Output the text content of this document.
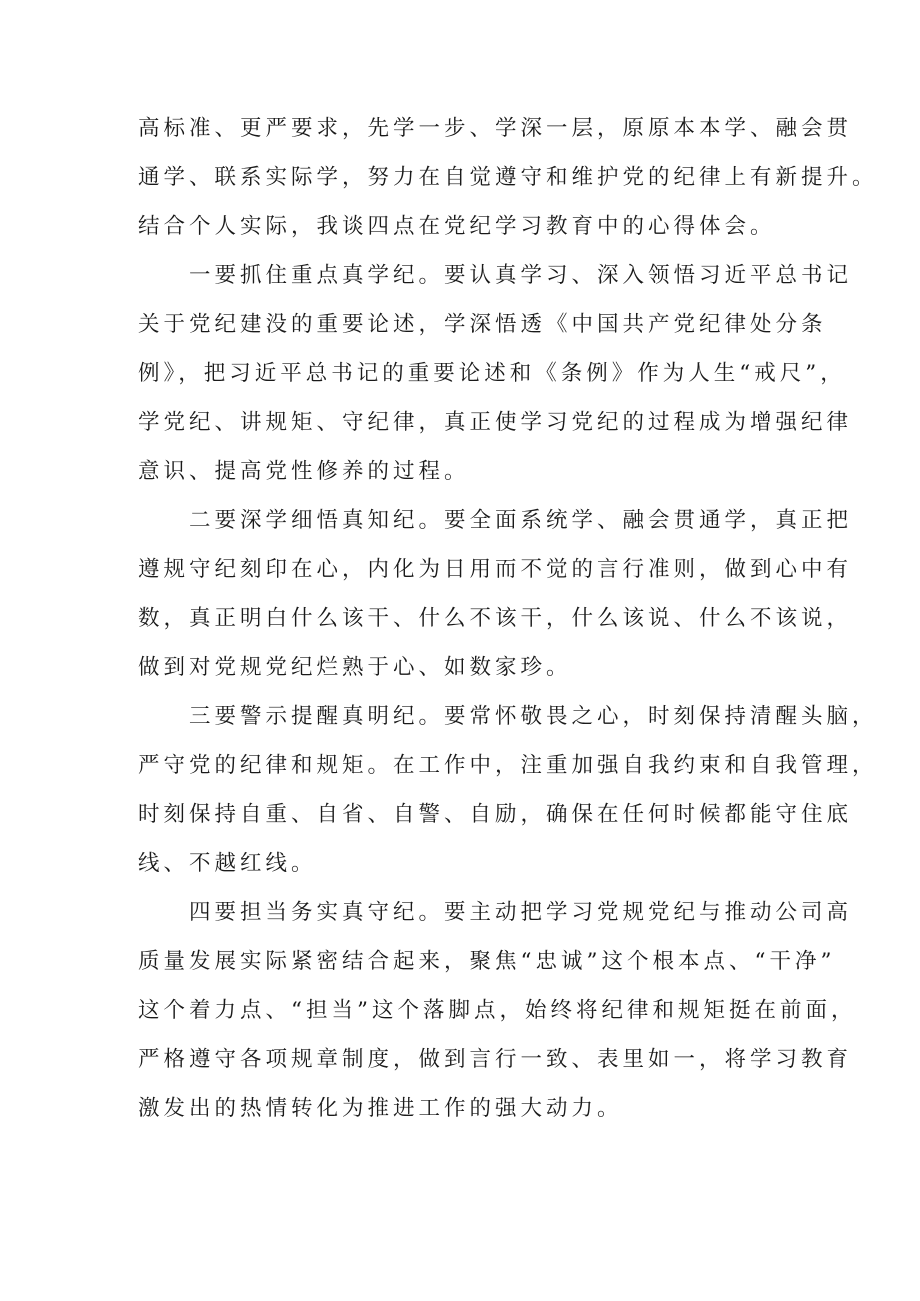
高标准、更严要求，先学一步、学深一层，原原本本学、融会贯
通学、联系实际学，努力在自觉遵守和维护党的纪律上有新提升。
结合个人实际，我谈四点在党纪学习教育中的心得体会。
一要抓住重点真学纪。要认真学习、深入领悟习近平总书记
关于党纪建没的重要论述，学深悟透《中国共产党纪律处分条
例》，把习近平总书记的重要论述和《条例》作为人生“戒尺”，
学党纪、讲规矩、守纪律，真正使学习党纪的过程成为增强纪律
意识、提高党性修养的过程。
二要深学细悟真知纪。要全面系统学、融会贯通学，真正把
遵规守纪刻印在心，内化为日用而不觉的言行准则，做到心中有
数，真正明白什么该干、什么不该干，什么该说、什么不该说，
做到对党规党纪烂熟于心、如数家珍。
三要警示提醒真明纪。要常怀敬畏之心，时刻保持清醒头脑，
严守党的纪律和规矩。在工作中，注重加强自我约束和自我管理，
时刻保持自重、自省、自警、自励，确保在任何时候都能守住底
线、不越红线。
四要担当务实真守纪。要主动把学习党规党纪与推动公司高
质量发展实际紧密结合起来，聚焦“忠诚”这个根本点、“干净”
这个着力点、“担当”这个落脚点，始终将纪律和规矩挺在前面，
严格遵守各项规章制度，做到言行一致、表里如一，将学习教育
激发出的热情转化为推进工作的强大动力。
